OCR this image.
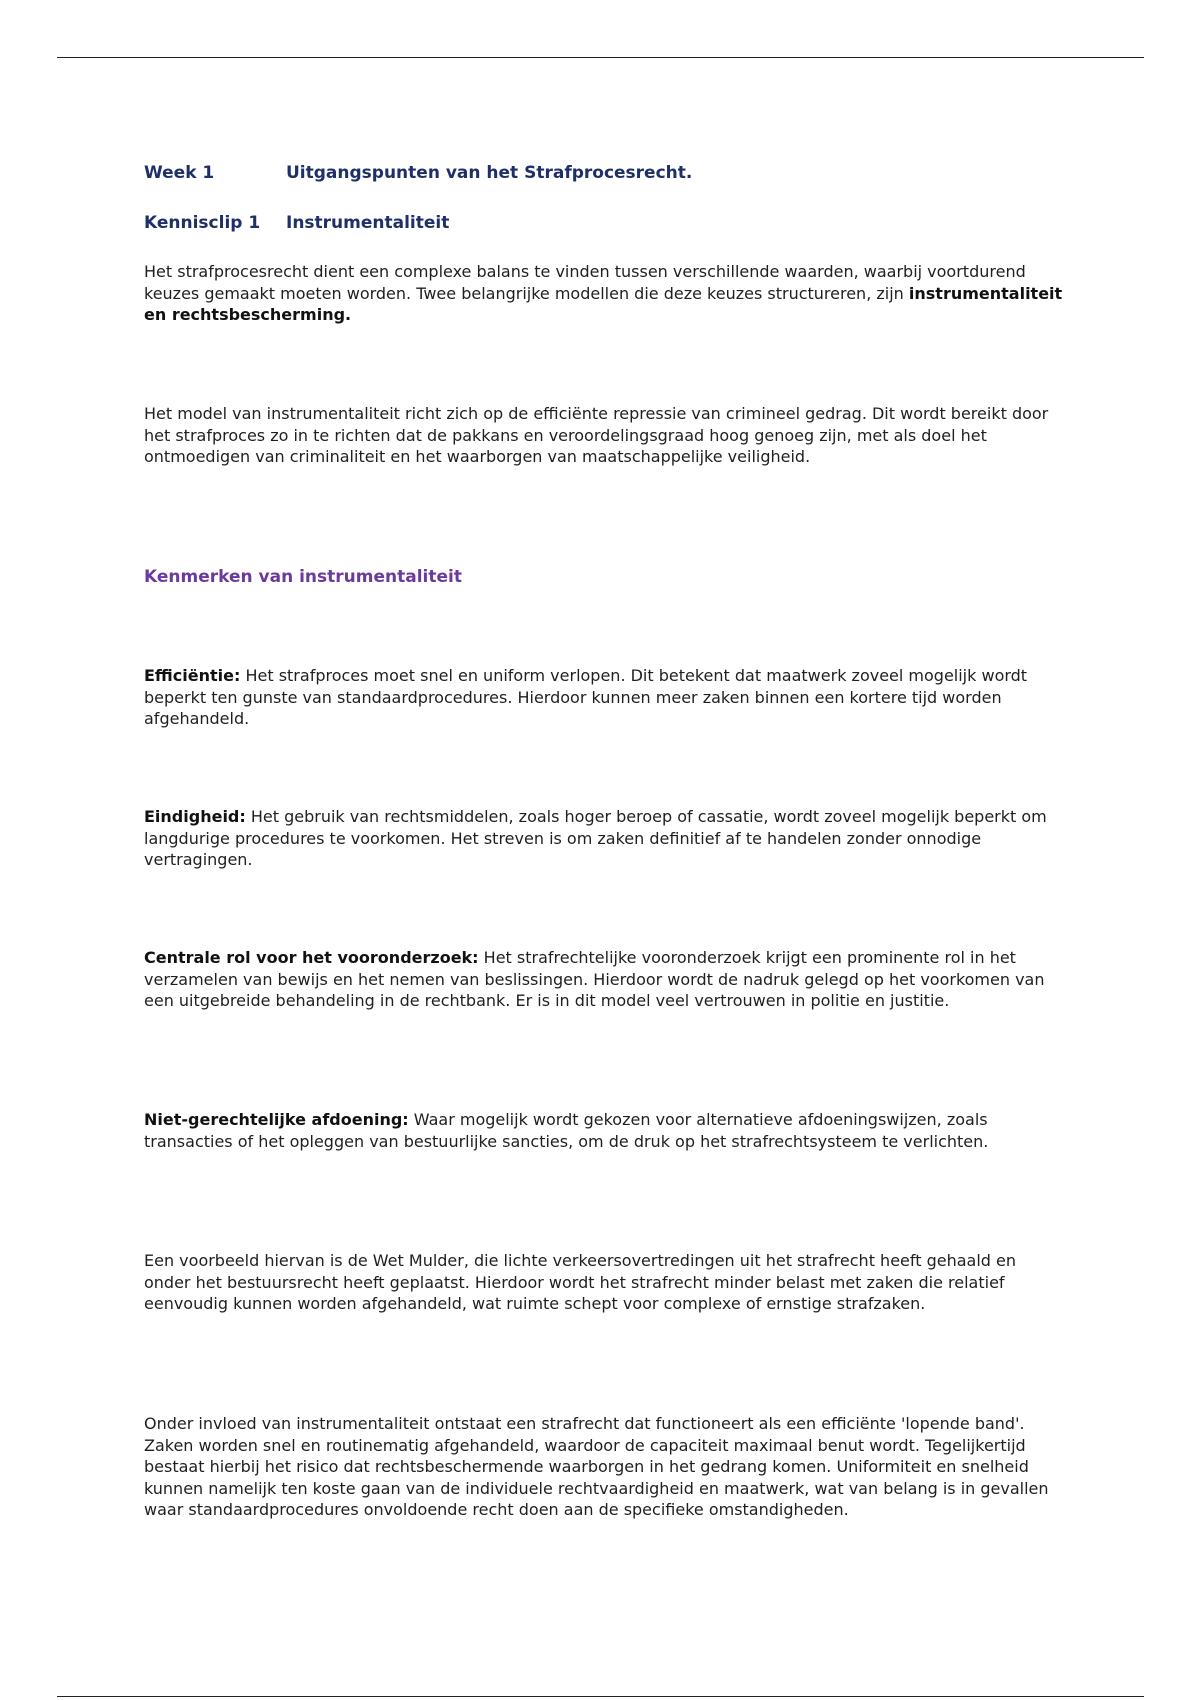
Week 1	Uitgangspunten van het Strafprocesrecht.
Kennisclip 1 Instrumentaliteit

Het strafprocesrecht dient een complexe balans te vinden tussen verschillende waarden, waarbij voortdurend keuzes gemaakt moeten worden. Twee belangrijke modellen die deze keuzes structureren, zijn instrumentaliteit en rechtsbescherming.

Het model van instrumentaliteit richt zich op de efficiënte repressie van crimineel gedrag. Dit wordt bereikt door het strafproces zo in te richten dat de pakkans en veroordelingsgraad hoog genoeg zijn, met als doel het ontmoedigen van criminaliteit en het waarborgen van maatschappelijke veiligheid.

Kenmerken van instrumentaliteit

Efficiëntie: Het strafproces moet snel en uniform verlopen. Dit betekent dat maatwerk zoveel mogelijk wordt beperkt ten gunste van standaardprocedures. Hierdoor kunnen meer zaken binnen een kortere tijd worden afgehandeld.

Eindigheid: Het gebruik van rechtsmiddelen, zoals hoger beroep of cassatie, wordt zoveel mogelijk beperkt om langdurige procedures te voorkomen. Het streven is om zaken definitief af te handelen zonder onnodige vertragingen.

Centrale rol voor het vooronderzoek: Het strafrechtelijke vooronderzoek krijgt een prominente rol in het verzamelen van bewijs en het nemen van beslissingen. Hierdoor wordt de nadruk gelegd op het voorkomen van een uitgebreide behandeling in de rechtbank. Er is in dit model veel vertrouwen in politie en justitie.

Niet-gerechtelijke afdoening: Waar mogelijk wordt gekozen voor alternatieve afdoeningswijzen, zoals transacties of het opleggen van bestuurlijke sancties, om de druk op het strafrechtsysteem te verlichten.

Een voorbeeld hiervan is de Wet Mulder, die lichte verkeersovertredingen uit het strafrecht heeft gehaald en onder het bestuursrecht heeft geplaatst. Hierdoor wordt het strafrecht minder belast met zaken die relatief eenvoudig kunnen worden afgehandeld, wat ruimte schept voor complexe of ernstige strafzaken.

Onder invloed van instrumentaliteit ontstaat een strafrecht dat functioneert als een efficiënte 'lopende band'. Zaken worden snel en routinematig afgehandeld, waardoor de capaciteit maximaal benut wordt. Tegelijkertijd bestaat hierbij het risico dat rechtsbeschermende waarborgen in het gedrang komen. Uniformiteit en snelheid kunnen namelijk ten koste gaan van de individuele rechtvaardigheid en maatwerk, wat van belang is in gevallen waar standaardprocedures onvoldoende recht doen aan de specifieke omstandigheden.
